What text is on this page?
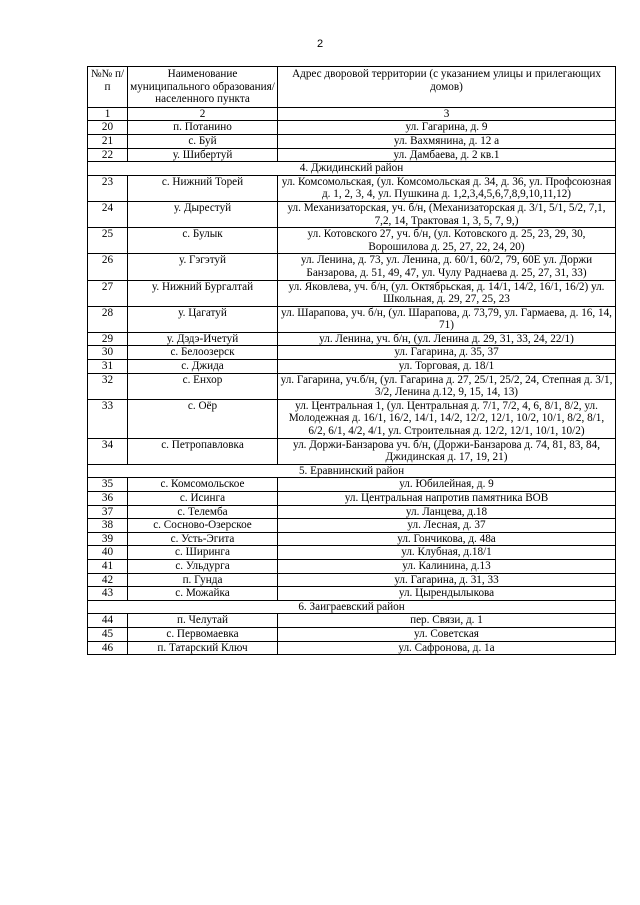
2
№№ п/п	Наименование муниципального образования/населенного пункта	Адрес дворовой территории (с указанием улицы и прилегающих домов)
1	2	3
20	п. Потанино	ул. Гагарина, д. 9
21	с. Буй	ул. Вахмянина, д. 12 а
22	у. Шибертуй	ул. Дамбаева, д. 2 кв.1
4. Джидинский район		
23	с. Нижний Торей	ул. Комсомольская, (ул. Комсомольская д. 34, д. 36, ул. Профсоюзная д. 1, 2, 3, 4, ул. Пушкина д. 1,2,3,4,5,6,7,8,9,10,11,12)
24	у. Дырестуй	ул. Механизаторская, уч. б/н, (Механизаторская д. 3/1, 5/1, 5/2, 7,1, 7,2, 14, Трактовая 1, 3, 5, 7, 9,)
25	с. Булык	ул. Котовского 27, уч. б/н, (ул. Котовского д. 25, 23, 29, 30, Ворошилова д. 25, 27, 22, 24, 20)
26	у. Гэгэтуй	ул. Ленина, д. 73, ул. Ленина, д. 60/1, 60/2, 79, 60Е ул. Доржи Банзарова, д. 51, 49, 47, ул. Чулу Раднаева д. 25, 27, 31, 33)
27	у. Нижний Бургалтай	ул. Яковлева, уч. б/н, (ул. Октябрьская, д. 14/1, 14/2, 16/1, 16/2) ул. Школьная, д. 29, 27, 25, 23
28	у. Цагатуй	ул. Шарапова, уч. б/н, (ул. Шарапова, д. 73,79, ул. Гармаева, д. 16, 14, 71)
29	у. Дэдэ-Ичетуй	ул. Ленина, уч. б/н, (ул. Ленина д. 29, 31, 33, 24, 22/1)
30	с. Белоозерск	ул. Гагарина, д. 35, 37
31	с. Джида	ул. Торговая, д. 18/1
32	с. Енхор	ул. Гагарина, уч.б/н, (ул. Гагарина д. 27, 25/1, 25/2, 24, Степная д. 3/1, 3/2, Ленина д.12, 9, 15, 14, 13)
33	с. Оёр	ул. Центральная 1, (ул. Центральная д. 7/1, 7/2, 4, 6, 8/1, 8/2, ул. Молодежная д. 16/1, 16/2, 14/1, 14/2, 12/2, 12/1, 10/2, 10/1, 8/2, 8/1, 6/2, 6/1, 4/2, 4/1, ул. Строительная д. 12/2, 12/1, 10/1, 10/2)
34	с. Петропавловка	ул. Доржи-Банзарова уч. б/н, (Доржи-Банзарова д. 74, 81, 83, 84, Джидинская д. 17, 19, 21)
5. Еравнинский район		
35	с. Комсомольское	ул. Юбилейная, д. 9
36	с. Исинга	ул. Центральная напротив памятника ВОВ
37	с. Телемба	ул. Ланцева, д.18
38	с. Сосново-Озерское	ул. Лесная, д. 37
39	с. Усть-Эгита	ул. Гончикова, д. 48а
40	с. Ширинга	ул. Клубная, д.18/1
41	с. Ульдурга	ул. Калинина, д.13
42	п. Гунда	ул. Гагарина, д. 31, 33
43	с. Можайка	ул. Цырендылыкова
6. Заиграевский район		
44	п. Челутай	пер. Связи, д. 1
45	с. Первомаевка	ул. Советская
46	п. Татарский Ключ	ул. Сафронова, д. 1а
